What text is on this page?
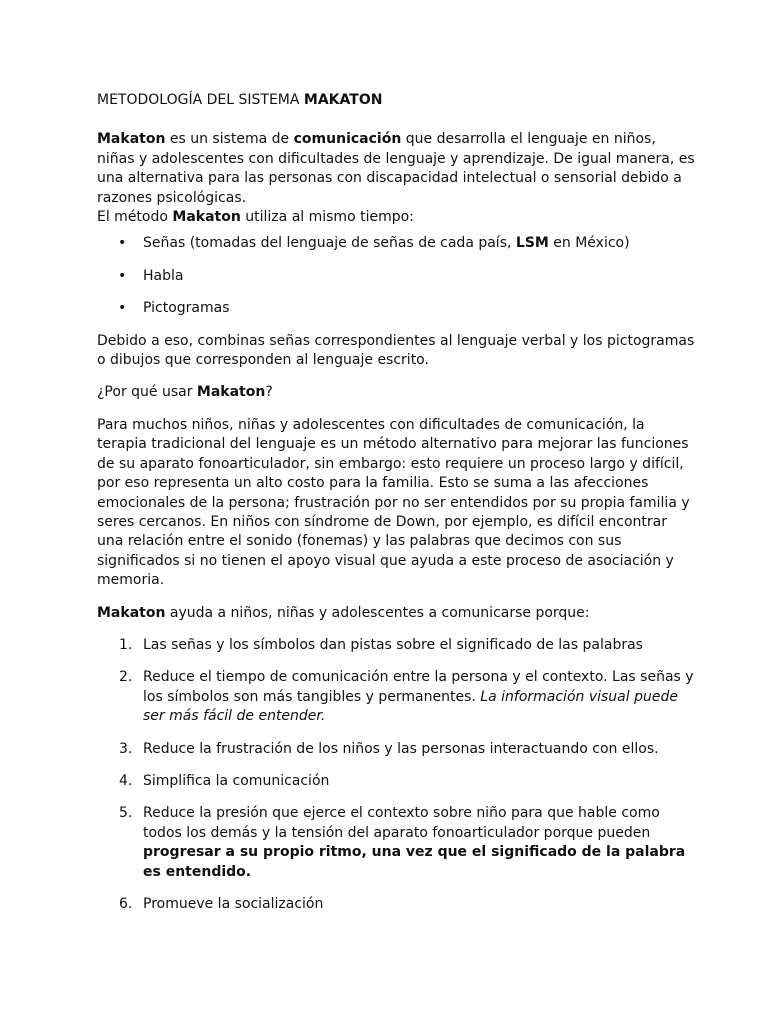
METODOLOGÍA DEL SISTEMA MAKATON

Makaton es un sistema de comunicación que desarrolla el lenguaje en niños, niñas y adolescentes con dificultades de lenguaje y aprendizaje. De igual manera, es una alternativa para las personas con discapacidad intelectual o sensorial debido a razones psicológicas.

El método Makaton utiliza al mismo tiempo:

• Señas (tomadas del lenguaje de señas de cada país, LSM en México)
• Habla
• Pictogramas

Debido a eso, combinas señas correspondientes al lenguaje verbal y los pictogramas o dibujos que corresponden al lenguaje escrito.

¿Por qué usar Makaton?

Para muchos niños, niñas y adolescentes con dificultades de comunicación, la terapia tradicional del lenguaje es un método alternativo para mejorar las funciones de su aparato fonoarticulador, sin embargo: esto requiere un proceso largo y difícil, por eso representa un alto costo para la familia. Esto se suma a las afecciones emocionales de la persona; frustración por no ser entendidos por su propia familia y seres cercanos. En niños con síndrome de Down, por ejemplo, es difícil encontrar una relación entre el sonido (fonemas) y las palabras que decimos con sus significados si no tienen el apoyo visual que ayuda a este proceso de asociación y memoria.

Makaton ayuda a niños, niñas y adolescentes a comunicarse porque:

1. Las señas y los símbolos dan pistas sobre el significado de las palabras
2. Reduce el tiempo de comunicación entre la persona y el contexto. Las señas y los símbolos son más tangibles y permanentes. La información visual puede ser más fácil de entender.
3. Reduce la frustración de los niños y las personas interactuando con ellos.
4. Simplifica la comunicación
5. Reduce la presión que ejerce el contexto sobre niño para que hable como todos los demás y la tensión del aparato fonoarticulador porque pueden progresar a su propio ritmo, una vez que el significado de la palabra es entendido.
6. Promueve la socialización
